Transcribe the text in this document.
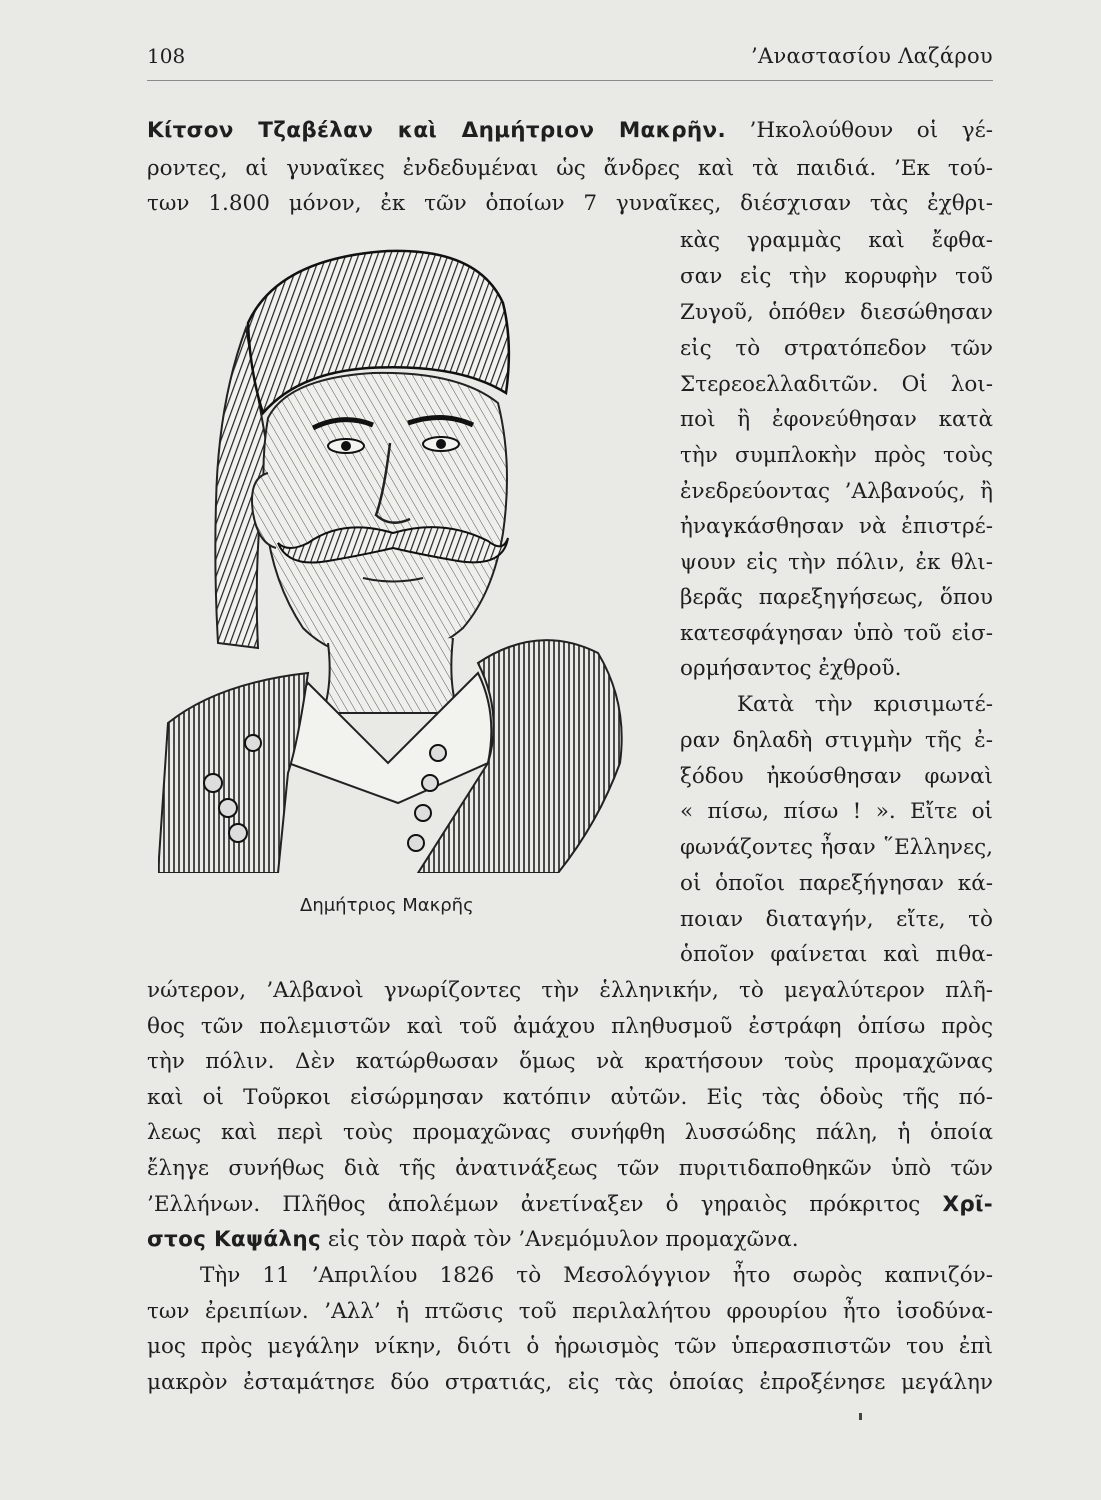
108	’Αναστασίου Λαζάρου
Κίτσον Τζαβέλαν καὶ Δημήτριον Μακρῆν. ’Ηκολούθουν οἱ γέ-
ροντες, αἱ γυναῖκες ἐνδεδυμέναι ὡς ἄνδρες καὶ τὰ παιδιά. ’Εκ τού-
των 1.800 μόνον, ἐκ τῶν ὁποίων 7 γυναῖκες, διέσχισαν τὰς ἐχθρι-
κὰς γραμμὰς καὶ ἔφθα-
σαν εἰς τὴν κορυφὴν τοῦ
Ζυγοῦ, ὁπόθεν διεσώθησαν
εἰς τὸ στρατόπεδον τῶν
Στερεοελλαδιτῶν. Οἱ λοι-
ποὶ ἢ ἐφονεύθησαν κατὰ
τὴν συμπλοκὴν πρὸς τοὺς
ἐνεδρεύοντας ’Αλβανούς, ἢ
ἠναγκάσθησαν νὰ ἐπιστρέ-
ψουν εἰς τὴν πόλιν, ἐκ θλι-
βερᾶς παρεξηγήσεως, ὅπου
κατεσφάγησαν ὑπὸ τοῦ εἰσ-
ορμήσαντος ἐχθροῦ.
Κατὰ τὴν κρισιμωτέ-
ραν δηλαδὴ στιγμὴν τῆς ἐ-
ξόδου ἠκούσθησαν φωναὶ
« πίσω, πίσω ! ». Εἴτε οἱ
φωνάζοντες ἦσαν ῞Ελληνες,
οἱ ὁποῖοι παρεξήγησαν κά-
ποιαν διαταγήν, εἴτε, τὸ
ὁποῖον φαίνεται καὶ πιθα-
νώτερον, ’Αλβανοὶ γνωρίζοντες τὴν ἑλληνικήν, τὸ μεγαλύτερον πλῆ-
θος τῶν πολεμιστῶν καὶ τοῦ ἀμάχου πληθυσμοῦ ἐστράφη ὀπίσω πρὸς
τὴν πόλιν. Δὲν κατώρθωσαν ὅμως νὰ κρατήσουν τοὺς προμαχῶνας
καὶ οἱ Τοῦρκοι εἰσώρμησαν κατόπιν αὐτῶν. Εἰς τὰς ὁδοὺς τῆς πό-
λεως καὶ περὶ τοὺς προμαχῶνας συνήφθη λυσσώδης πάλη, ἡ ὁποία
ἔληγε συνήθως διὰ τῆς ἀνατινάξεως τῶν πυριτιδαποθηκῶν ὑπὸ τῶν
’Ελλήνων. Πλῆθος ἀπολέμων ἀνετίναξεν ὁ γηραιὸς πρόκριτος Χρῖ-
στος Καψάλης εἰς τὸν παρὰ τὸν ’Ανεμόμυλον προμαχῶνα.
Τὴν 11 ’Απριλίου 1826 τὸ Μεσολόγγιον ἦτο σωρὸς καπνιζόν-
των ἐρειπίων. ’Αλλ’ ἡ πτῶσις τοῦ περιλαλήτου φρουρίου ἦτο ἰσοδύνα-
μος πρὸς μεγάλην νίκην, διότι ὁ ἡρωισμὸς τῶν ὑπερασπιστῶν του ἐπὶ
μακρὸν ἐσταμάτησε δύο στρατιάς, εἰς τὰς ὁποίας ἐπροξένησε μεγάλην
Δημήτριος Μακρῆς
